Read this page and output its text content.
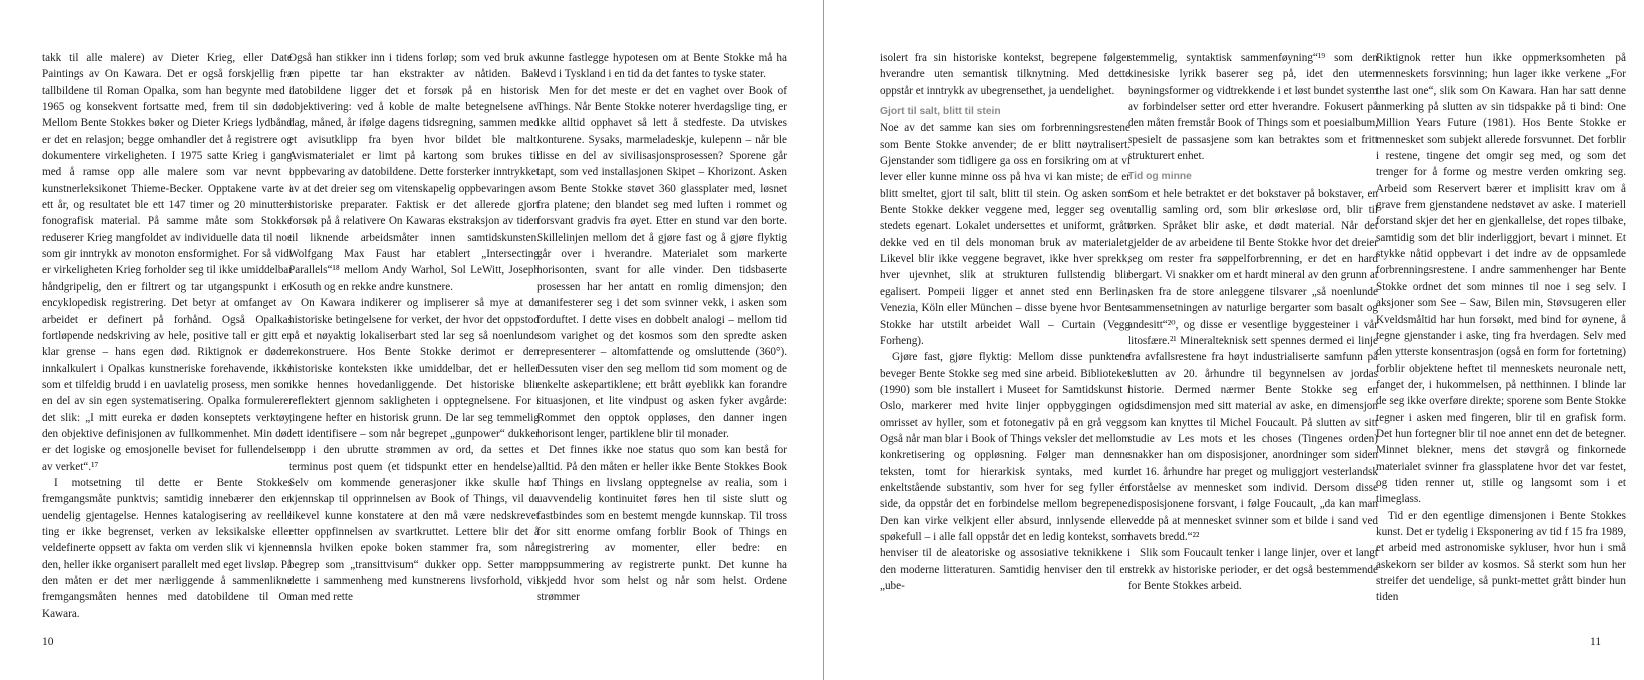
takk til alle malere) av Dieter Krieg, eller Date Paintings av On Kawara. Det er også forskjellig fra tallbildene til Roman Opalka, som han begynte med i 1965 og konsekvent fortsatte med, frem til sin død. Mellom Bente Stokkes bøker og Dieter Kriegs lydbånd er det en relasjon; begge omhandler det å registrere og dokumentere virkeligheten. I 1975 satte Krieg i gang med å ramse opp alle malere som var nevnt i kunstnerleksikonet Thieme-Becker. Opptakene varte i ett år, og resultatet ble ett 147 timer og 20 minutters fonografisk material. På samme måte som Stokke reduserer Krieg mangfoldet av individuelle data til noe som gir inntrykk av monoton ensformighet. For så vidt er virkeligheten Krieg forholder seg til ikke umiddelbar håndgripelig, den er filtrert og tar utgangspunkt i en encyklopedisk registrering. Det betyr at omfanget av arbeidet er definert på forhånd. Også Opalkas fortløpende nedskriving av hele, positive tall er gitt en klar grense – hans egen død. Riktignok er døden innkalkulert i Opalkas kunstneriske forehavende, ikke som et tilfeldig brudd i en uavlatelig prosess, men som en del av sin egen systematisering. Opalka formulerer det slik: „I mitt eureka er døden konseptets verktøy, den objektive definisjonen av fullkommenhet. Min død er det logiske og emosjonelle beviset for fullendelsen av verket“.¹⁷

I motsetning til dette er Bente Stokkes fremgangsmåte punktvis; samtidig innebærer den en uendelig gjentagelse. Hennes katalogisering av reelle ting er ikke begrenset, verken av leksikalske eller veldefinerte oppsett av fakta om verden slik vi kjenner den, heller ikke organisert parallelt med eget livsløp. På den måten er det mer nærliggende å sammenlikne fremgangsmåten hennes med datobildene til On Kawara.

Også han stikker inn i tidens forløp; som ved bruk av en pipette tar han ekstrakter av nåtiden. Bak datobildene ligger det et forsøk på en historisk objektivering: ved å koble de malte betegnelsene av dag, måned, år ifølge dagens tidsregning, sammen med et avisutklipp fra byen hvor bildet ble malt. Avismaterialet er limt på kartong som brukes til oppbevaring av datobildene. Dette forsterker inntrykket av at det dreier seg om vitenskapelig oppbevaringen av historiske preparater. Faktisk er det allerede gjort forsøk på å relativere On Kawaras ekstraksjon av tiden til liknende arbeidsmåter innen samtidskunsten. Wolfgang Max Faust har etablert „Intersecting Parallels“¹⁸ mellom Andy Warhol, Sol LeWitt, Joseph Kosuth og en rekke andre kunstnere.

On Kawara indikerer og impliserer så mye at de historiske betingelsene for verket, der hvor det oppstod på et nøyaktig lokaliserbart sted lar seg så noenlunde rekonstruere. Hos Bente Stokke derimot er den historiske konteksten ikke umiddelbar, det er heller ikke hennes hovedanliggende. Det historiske blir reflektert gjennom sakligheten i opptegnelsene. For i tingene hefter en historisk grunn. De lar seg temmelig lett identifisere – som når begrepet „gunpower“ dukker opp i den ubrutte strømmen av ord, da settes et terminus post quem (et tidspunkt etter en hendelse). Selv om kommende generasjoner ikke skulle ha kjennskap til opprinnelsen av Book of Things, vil de likevel kunne konstatere at den må være nedskrevet etter oppfinnelsen av svartkruttet. Lettere blir det å ansla hvilken epoke boken stammer fra, som når begrep som „transittvisum“ dukker opp. Setter man dette i sammenheng med kunstnerens livsforhold, vil man med rette

kunne fastlegge hypotesen om at Bente Stokke må ha levd i Tyskland i en tid da det fantes to tyske stater.

Men for det meste er det en vaghet over Book of Things. Når Bente Stokke noterer hverdagslige ting, er ikke alltid opphavet så lett å stedfeste. Da utviskes konturene. Sysaks, marmeladeskje, kulepenn – når ble disse en del av sivilisasjonsprosessen? Sporene går tapt, som ved installasjonen Skipet – Khorizont. Asken som Bente Stokke støvet 360 glassplater med, løsnet fra platene; den blandet seg med luften i rommet og forsvant gradvis fra øyet. Etter en stund var den borte. Skillelinjen mellom det å gjøre fast og å gjøre flyktig går over i hverandre. Materialet som markerte horisonten, svant for alle vinder. Den tidsbaserte prosessen har her antatt en romlig dimensjon; den manifesterer seg i det som svinner vekk, i asken som forduftet. I dette vises en dobbelt analogi – mellom tid som varighet og det kosmos som den spredte asken representerer – altomfattende og omsluttende (360°). Dessuten viser den seg mellom tid som moment og de enkelte askepartiklene; ett brått øyeblikk kan forandre situasjonen, et lite vindpust og asken fyker avgårde: Rommet den opptok oppløses, den danner ingen horisont lenger, partiklene blir til monader.

Det finnes ikke noe status quo som kan bestå for alltid. På den måten er heller ikke Bente Stokkes Book of Things en livslang opptegnelse av realia, som i uavvendelig kontinuitet føres hen til siste slutt og fastbindes som en bestemt mengde kunnskap. Til tross for sitt enorme omfang forblir Book of Things en registrering av momenter, eller bedre: en oppsummering av registrerte punkt. Det kunne ha skjedd hvor som helst og når som helst. Ordene strømmer

10

isolert fra sin historiske kontekst, begrepene følger hverandre uten semantisk tilknytning. Med dette oppstår et inntrykk av ubegrensethet, ja uendelighet.

Gjort til salt, blitt til stein

Noe av det samme kan sies om forbrenningsrestene som Bente Stokke anvender; de er blitt nøytralisert. Gjenstander som tidligere ga oss en forsikring om at vi lever eller kunne minne oss på hva vi kan miste; de er blitt smeltet, gjort til salt, blitt til stein. Og asken som Bente Stokke dekker veggene med, legger seg over stedets egenart. Lokalet undersettes et uniformt, grått dekke ved en til dels monoman bruk av materialet. Likevel blir ikke veggene begravet, ikke hver sprekk, hver ujevnhet, slik at strukturen fullstendig blir egalisert. Pompeii ligger et annet sted enn Berlin, Venezia, Köln eller München – disse byene hvor Bente Stokke har utstilt arbeidet Wall – Curtain (Vegg Forheng).

Gjøre fast, gjøre flyktig: Mellom disse punktene beveger Bente Stokke seg med sine arbeid. Biblioteket (1990) som ble installert i Museet for Samtidskunst i Oslo, markerer med hvite linjer oppbyggingen og omrisset av hyller, som et fotonegativ på en grå vegg. Også når man blar i Book of Things veksler det mellom konkretisering og oppløsning. Følger man denne teksten, tomt for hierarkisk syntaks, med kun enkeltstående substantiv, som hver for seg fyller én side, da oppstår det en forbindelse mellom begrepene. Den kan virke velkjent eller absurd, innlysende eller spøkefull – i alle fall oppstår det en ledig kontekst, som henviser til de aleatoriske og assosiative teknikkene i den moderne litteraturen. Samtidig henviser den til en „ube-

stemmelig, syntaktisk sammenføyning“¹⁹ som den kinesiske lyrikk baserer seg på, idet den uten bøyningsformer og vidtrekkende i et løst bundet system av forbindelser setter ord etter hverandre. Fokusert på den måten fremstår Book of Things som et poesialbum, spesielt de passasjene som kan betraktes som et fritt strukturert enhet.

Tid og minne

Som et hele betraktet er det bokstaver på bokstaver, en utallig samling ord, som blir ørkesløse ord, blir til ørken. Språket blir aske, et dødt material. Når det gjelder de av arbeidene til Bente Stokke hvor det dreier seg om rester fra søppelforbrenning, er det en hard bergart. Vi snakker om et hardt mineral av den grunn at asken fra de store anleggene tilsvarer „så noenlunde sammensetningen av naturlige bergarter som basalt og andesitt“²⁰, og disse er vesentlige byggesteiner i vår litosfære.²¹ Mineralteknisk sett spennes dermed ei linje fra avfallsrestene fra høyt industrialiserte samfunn på slutten av 20. århundre til begynnelsen av jordas historie. Dermed nærmer Bente Stokke seg en tidsdimensjon med sitt material av aske, en dimensjon som kan knyttes til Michel Foucault. På slutten av sitt studie av Les mots et les choses (Tingenes orden) snakker han om disposisjoner, anordninger som siden det 16. århundre har preget og muliggjort vesterlandsk forståelse av mennesket som individ. Dersom disse disposisjonene forsvant, i følge Foucault, „da kan man vedde på at mennesket svinner som et bilde i sand ved havets bredd.“²²

Slik som Foucault tenker i lange linjer, over et langt strekk av historiske perioder, er det også bestemmende for Bente Stokkes arbeid.

Riktignok retter hun ikke oppmerksomheten på menneskets forsvinning; hun lager ikke verkene „For the last one“, slik som On Kawara. Han har satt denne anmerking på slutten av sin tidspakke på ti bind: One Million Years Future (1981). Hos Bente Stokke er mennesket som subjekt allerede forsvunnet. Det forblir i restene, tingene det omgir seg med, og som det trenger for å forme og mestre verden omkring seg. Arbeid som Reservert bærer et implisitt krav om å grave frem gjenstandene nedstøvet av aske. I materiell forstand skjer det her en gjenkallelse, det ropes tilbake, samtidig som det blir inderliggjort, bevart i minnet. Et stykke nåtid oppbevart i det indre av de oppsamlede forbrenningsrestene. I andre sammenhenger har Bente Stokke ordnet det som minnes til noe i seg selv. I aksjoner som See – Saw, Bilen min, Støvsugeren eller Kveldsmåltid har hun forsøkt, med bind for øynene, å tegne gjenstander i aske, ting fra hverdagen. Selv med den ytterste konsentrasjon (også en form for fortetning) forblir objektene heftet til menneskets neuronale nett, fanget der, i hukommelsen, på netthinnen. I blinde lar de seg ikke overføre direkte; sporene som Bente Stokke tegner i asken med fingeren, blir til en grafisk form. Det hun fortegner blir til noe annet enn det de betegner. Minnet blekner, mens det støvgrå og finkornede materialet svinner fra glassplatene hvor det var festet, og tiden renner ut, stille og langsomt som i et timeglass.

Tid er den egentlige dimensjonen i Bente Stokkes kunst. Det er tydelig i Eksponering av tid f 15 fra 1989, et arbeid med astronomiske sykluser, hvor hun i små askekorn ser bilder av kosmos. Så sterkt som hun her streifer det uendelige, så punkt-mettet grått binder hun tiden

11
